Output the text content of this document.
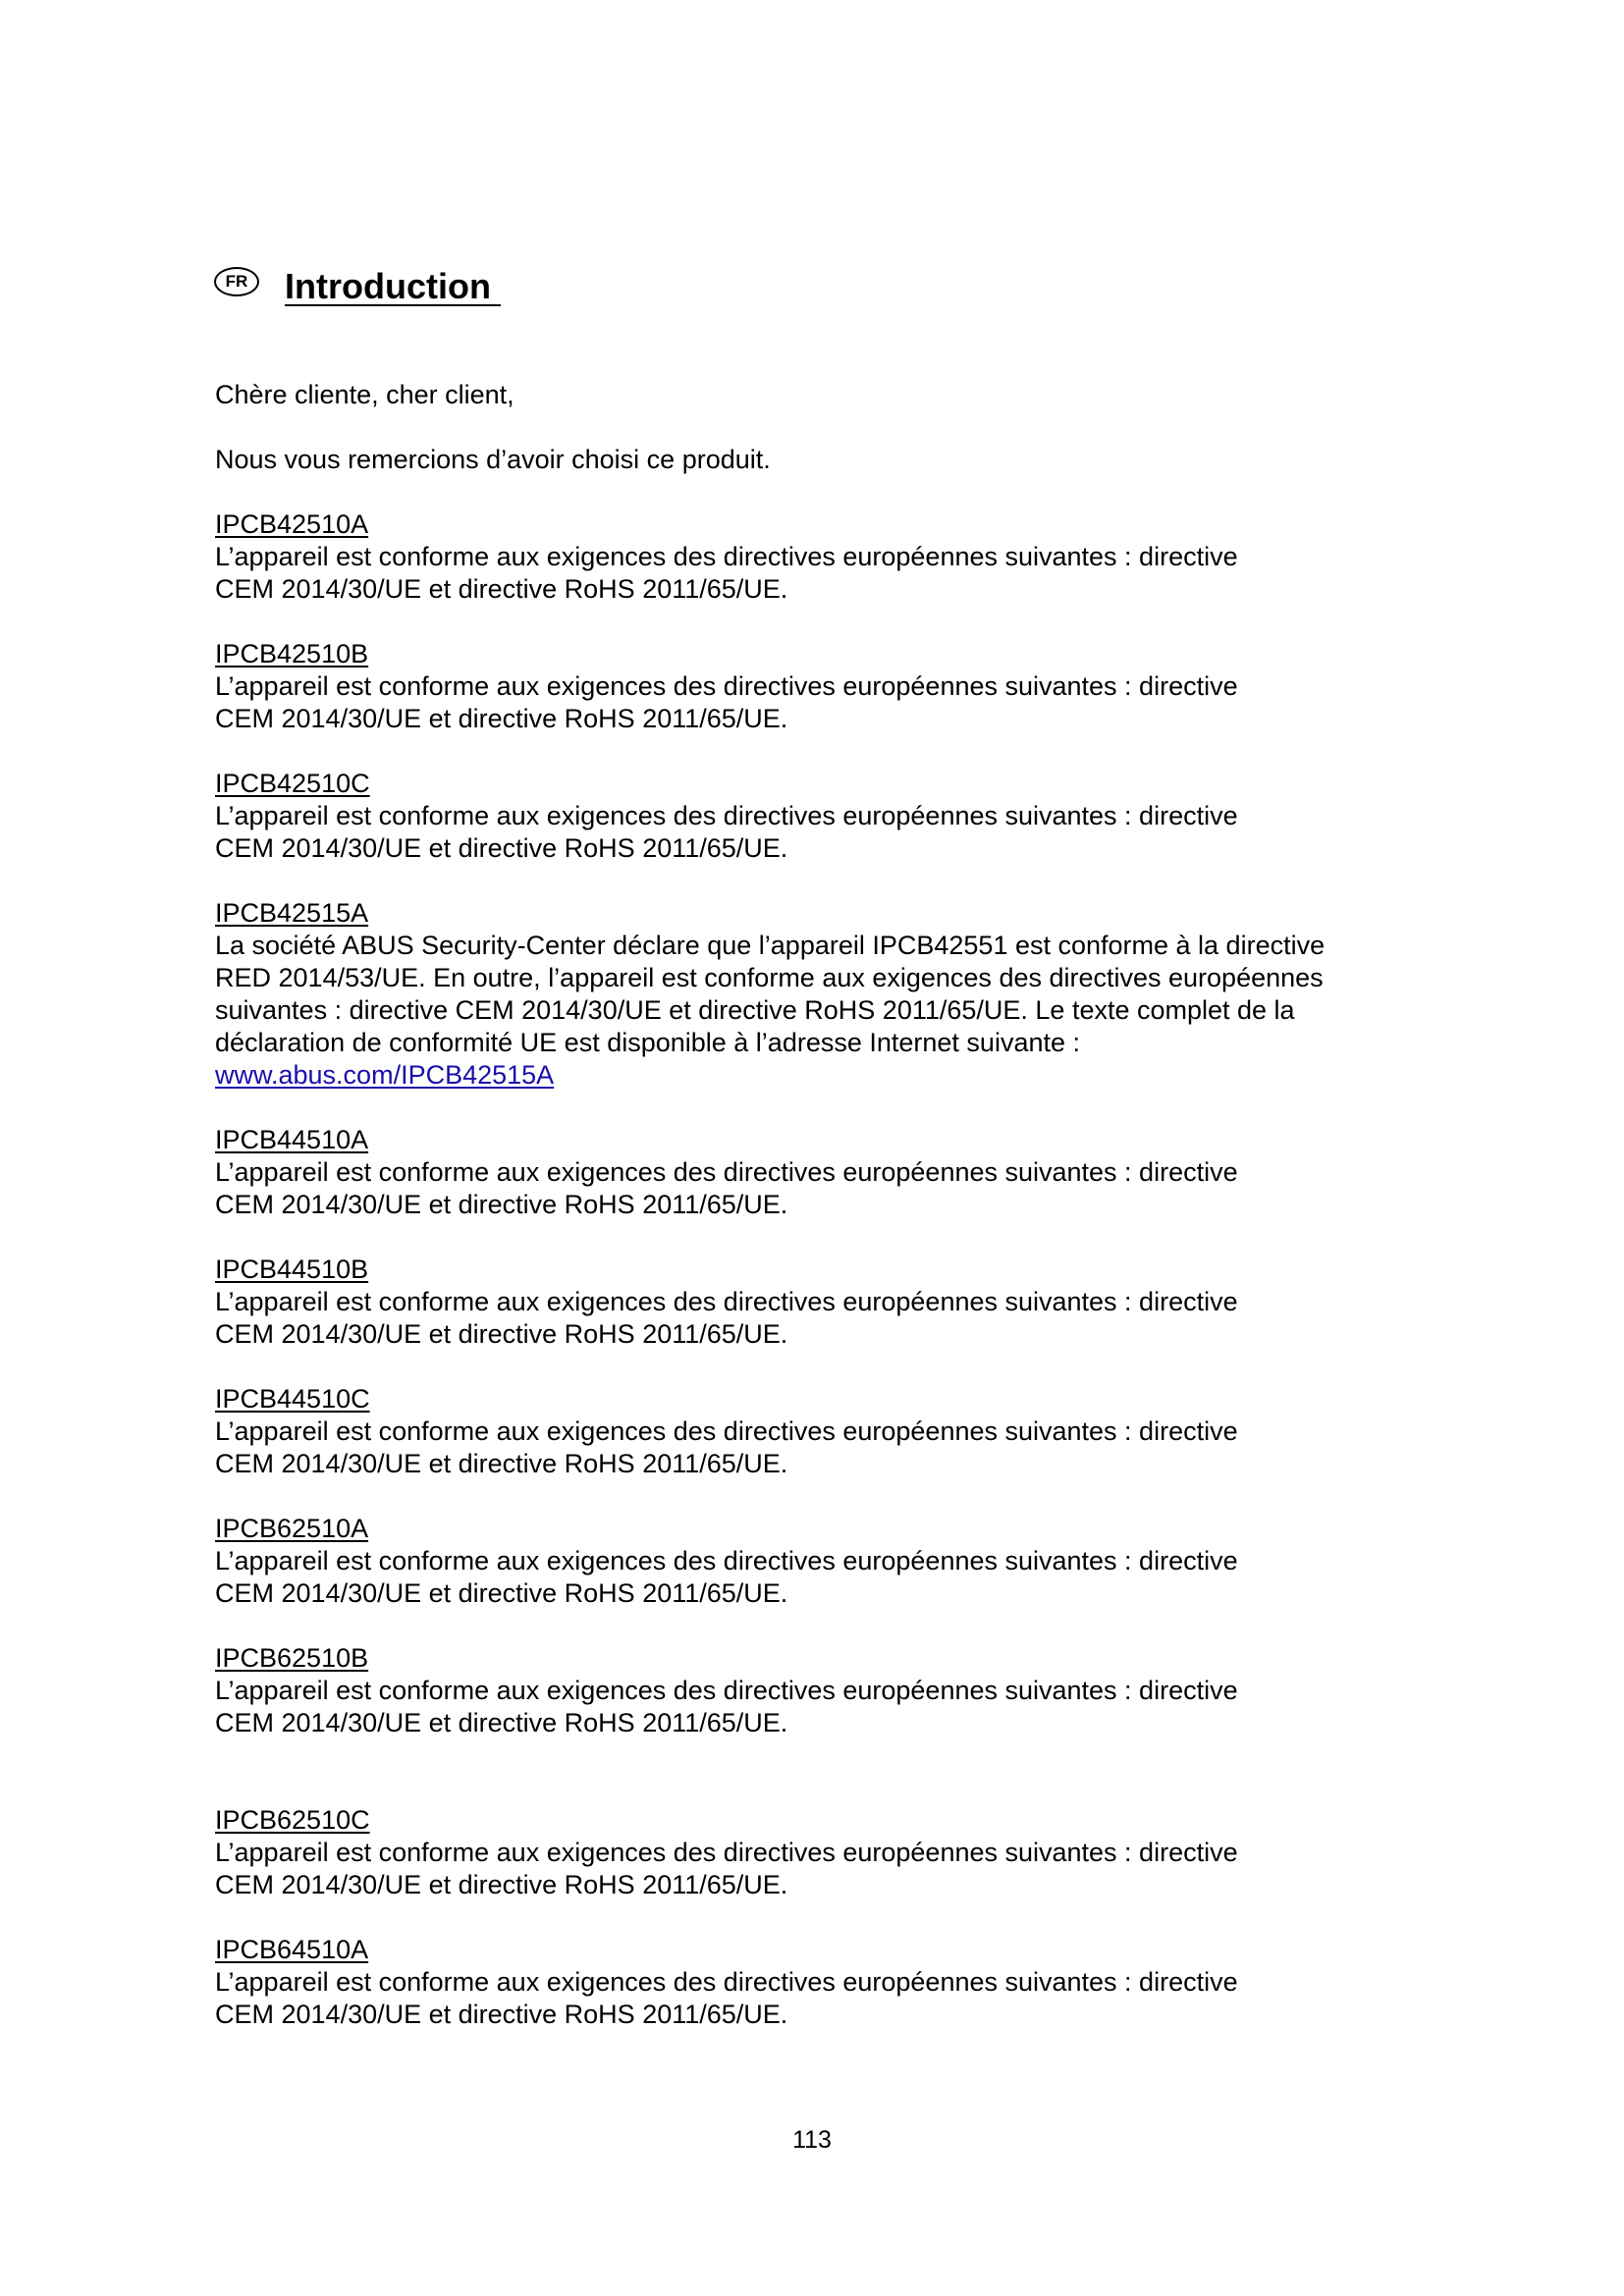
FR	Introduction
Chère cliente, cher client,
Nous vous remercions d’avoir choisi ce produit.
IPCB42510A
L’appareil est conforme aux exigences des directives européennes suivantes : directive
CEM 2014/30/UE et directive RoHS 2011/65/UE.
IPCB42510B
L’appareil est conforme aux exigences des directives européennes suivantes : directive
CEM 2014/30/UE et directive RoHS 2011/65/UE.
IPCB42510C
L’appareil est conforme aux exigences des directives européennes suivantes : directive
CEM 2014/30/UE et directive RoHS 2011/65/UE.
IPCB42515A
La société ABUS Security-Center déclare que l’appareil IPCB42551 est conforme à la directive
RED 2014/53/UE. En outre, l’appareil est conforme aux exigences des directives européennes
suivantes : directive CEM 2014/30/UE et directive RoHS 2011/65/UE. Le texte complet de la
déclaration de conformité UE est disponible à l’adresse Internet suivante :
www.abus.com/IPCB42515A
IPCB44510A
L’appareil est conforme aux exigences des directives européennes suivantes : directive
CEM 2014/30/UE et directive RoHS 2011/65/UE.
IPCB44510B
L’appareil est conforme aux exigences des directives européennes suivantes : directive
CEM 2014/30/UE et directive RoHS 2011/65/UE.
IPCB44510C
L’appareil est conforme aux exigences des directives européennes suivantes : directive
CEM 2014/30/UE et directive RoHS 2011/65/UE.
IPCB62510A
L’appareil est conforme aux exigences des directives européennes suivantes : directive
CEM 2014/30/UE et directive RoHS 2011/65/UE.
IPCB62510B
L’appareil est conforme aux exigences des directives européennes suivantes : directive
CEM 2014/30/UE et directive RoHS 2011/65/UE.
IPCB62510C
L’appareil est conforme aux exigences des directives européennes suivantes : directive
CEM 2014/30/UE et directive RoHS 2011/65/UE.
IPCB64510A
L’appareil est conforme aux exigences des directives européennes suivantes : directive
CEM 2014/30/UE et directive RoHS 2011/65/UE.
113
